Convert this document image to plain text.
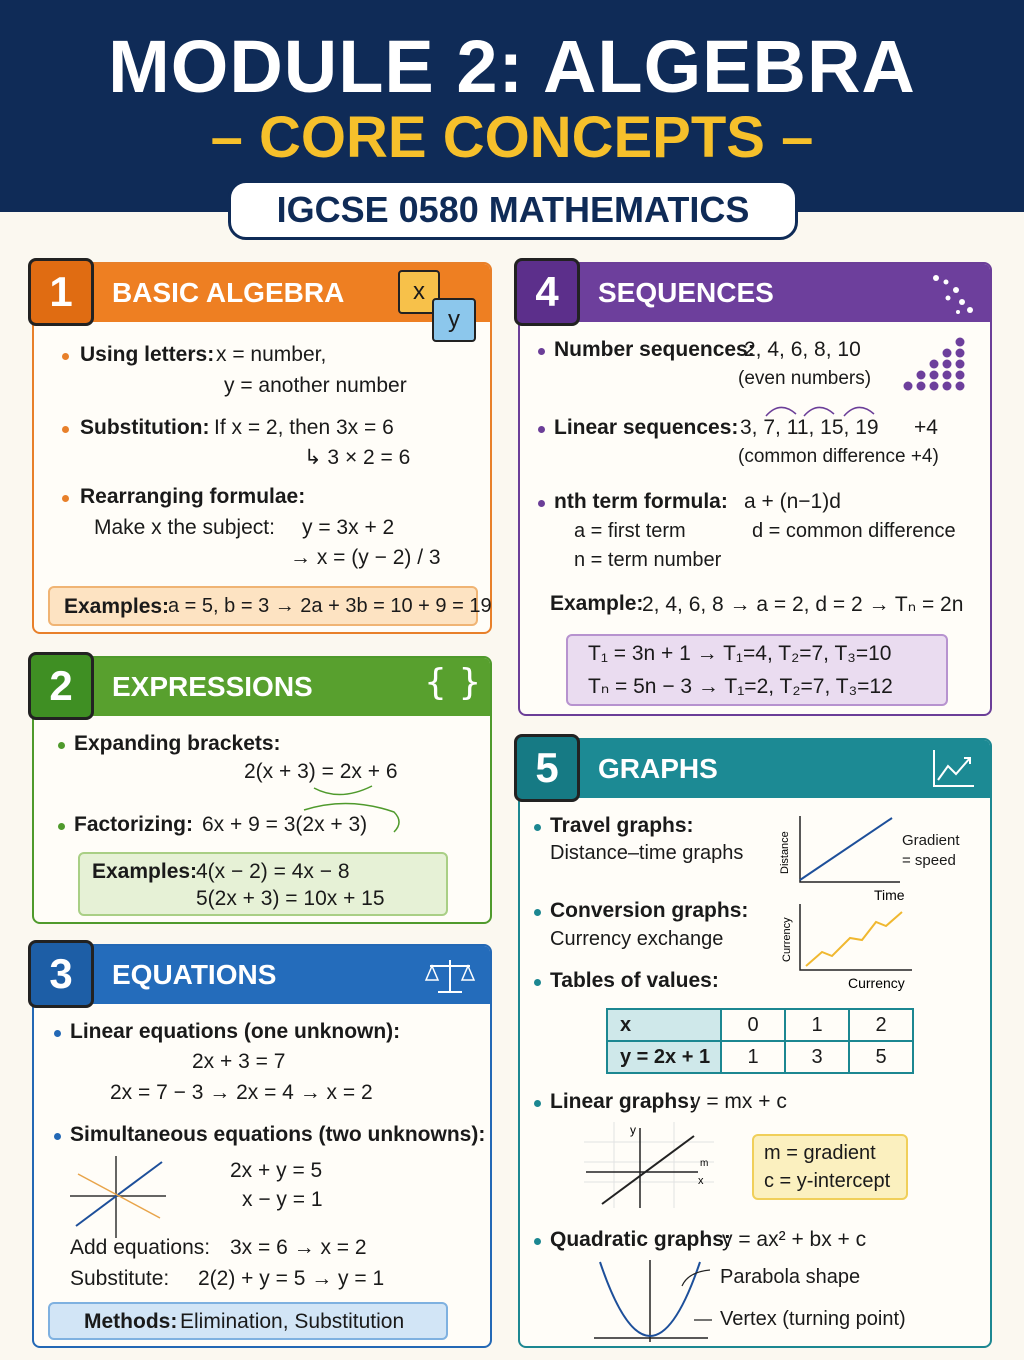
MODULE 2: ALGEBRA
– CORE CONCEPTS –
IGCSE 0580 MATHEMATICS
1	BASIC ALGEBRA	x
y
Using letters: x = number,
y = another number
Substitution: If x = 2, then 3x = 6
↳ 3 × 2 = 6
Rearranging formulae:
Make x the subject: y = 3x + 2
→ x = (y − 2) / 3
Examples:
a = 5, b = 3 → 2a + 3b = 10 + 9 = 19
2	EXPRESSIONS	{ }
Expanding brackets:
2(x + 3) = 2x + 6
Factorizing: 6x + 9 = 3(2x + 3)
Examples:
4(x − 2) = 4x − 8
5(2x + 3) = 10x + 15
3	EQUATIONS
Linear equations (one unknown):
2x + 3 = 7
2x = 7 − 3 → 2x = 4 → x = 2
Simultaneous equations (two unknowns):
2x + y = 5
x − y = 1
Add equations: 3x = 6 → x = 2
Substitute: 2(2) + y = 5 → y = 1
Methods: Elimination, Substitution
4	SEQUENCES
Number sequences:
2, 4, 6, 8, 10
(even numbers)
Linear sequences: 3, 7, 11, 15, 19 +4
(common difference +4)
nth term formula: a + (n−1)d
a = first term	d = common difference
n = term number
Example:
2, 4, 6, 8 → a = 2, d = 2 → Tₙ = 2n
T₁ = 3n + 1 → T₁=4, T₂=7, T₃=10
Tₙ = 5n − 3 → T₁=2, T₂=7, T₃=12
5	GRAPHS
Travel graphs:
Distance–time graphs	Distance
Time
Gradient
= speed
Conversion graphs:
Currency exchange	Currency
Currency
Tables of values:
x	0	1	2
y = 2x + 1	1	3	5
Linear graphs:
y = mx + c
y
x
m	m = gradient
c = y-intercept
Quadratic graphs:
y = ax² + bx + c
Parabola shape
Vertex (turning point)
